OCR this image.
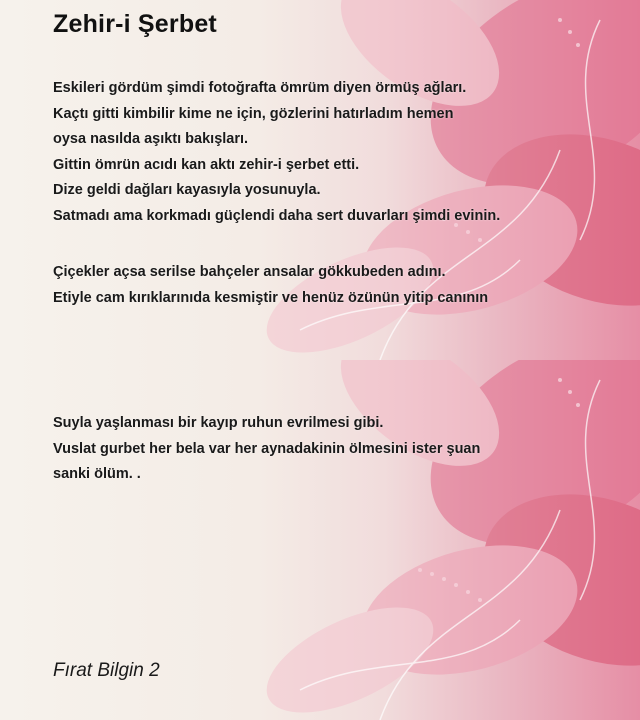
Zehir-i Şerbet
Eskileri gördüm şimdi fotoğrafta ömrüm diyen örmüş ağları.
Kaçtı gitti kimbilir kime ne için, gözlerini hatırladım hemen
oysa nasılda aşıktı bakışları.
Gittin ömrün acıdı kan aktı zehir-i şerbet etti.
Dize geldi dağları kayasıyla yosunuyla.
Satmadı ama korkmadı güçlendi daha sert duvarları şimdi evinin.
Çiçekler açsa serilse bahçeler ansalar gökkubeden adını.
Etiyle cam kırıklarınıda kesmiştir ve henüz özünün yitip canının
Suyla yaşlanması bir kayıp ruhun evrilmesi gibi.
Vuslat gurbet her bela var her aynadakinin ölmesini ister şuan
sanki ölüm. .

Fırat Bilgin 2
